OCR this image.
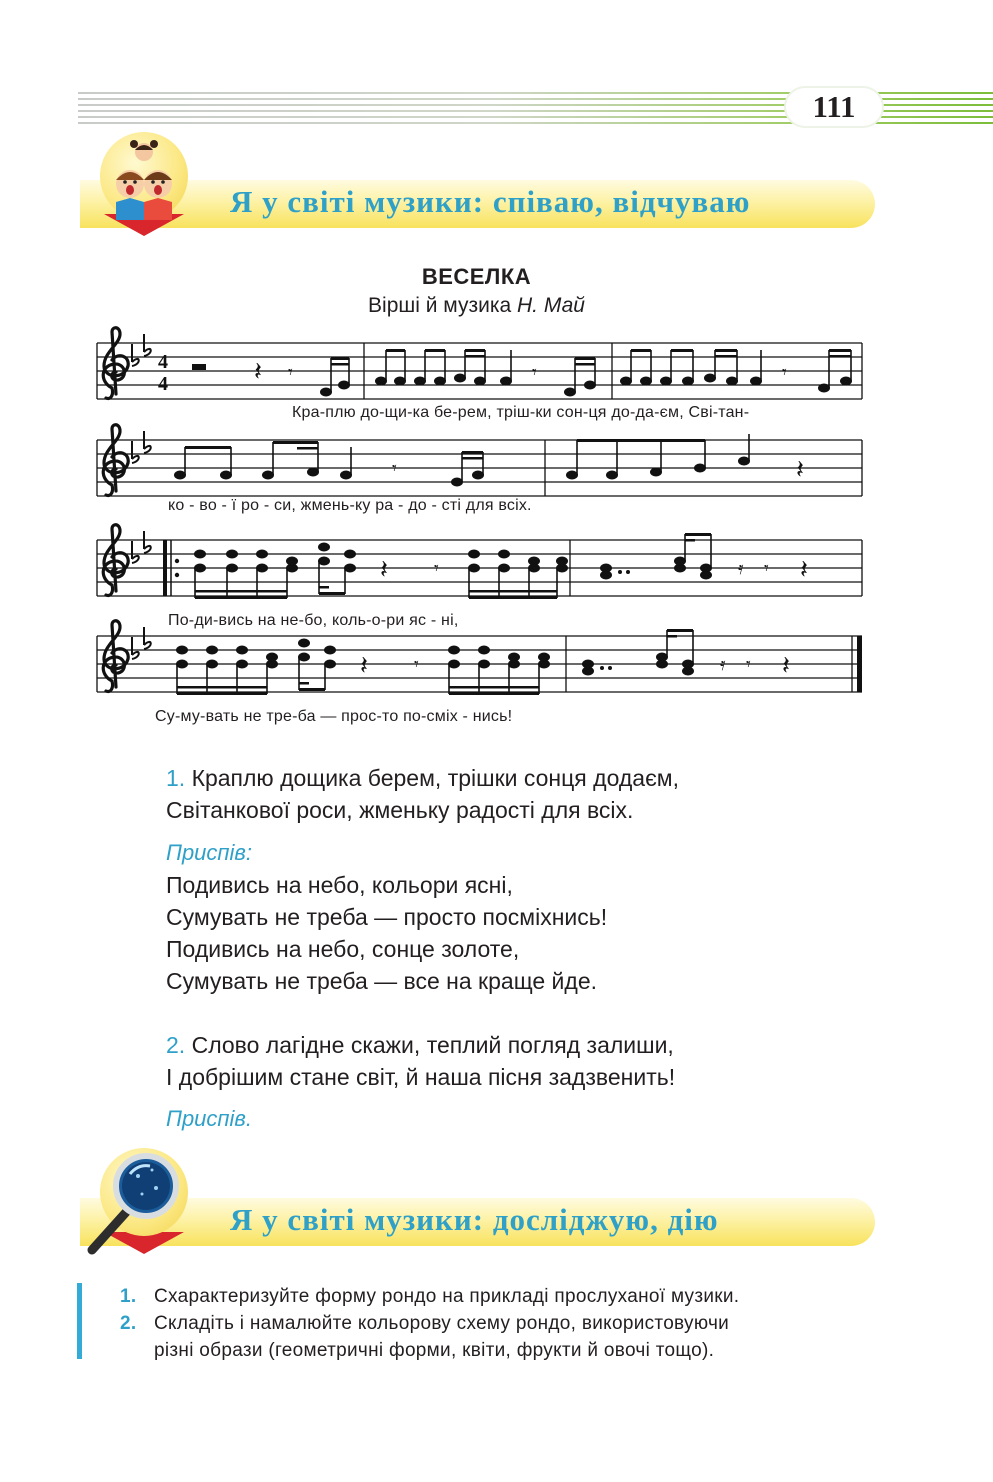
111
Я у світі музики: співаю, відчуваю
ВЕСЕЛКА
Вірші й музика Н. Май
4
4	𝄽 𝄾	𝄾	𝄾
𝄾	𝄽
𝄽	𝄾	𝄿 𝄾 𝄽
𝄽	𝄾	𝄿 𝄾 𝄽
Кра-плю до-щи-ка бе-рем, тріш-ки сон-ця до-да-єм, Сві-тан-
ко - во - ї ро - си, жмень-ку ра - до - сті для всіх.
По-ди-вись на не-бо, коль-о-ри яс - ні,
Су-му-вать не тре-ба — прос-то по-сміх - нись!
1. Краплю дощика берем, трішки сонця додаєм,
Світанкової роси, жменьку радості для всіх.
Приспів:
Подивись на небо, кольори ясні,
Сумувать не треба — просто посміхнись!
Подивись на небо, сонце золоте,
Сумувать не треба — все на краще йде.
2. Слово лагідне скажи, теплий погляд залиши,
І добрішим стане світ, й наша пісня задзвенить!
Приспів.
Я у світі музики: досліджую, дію
1. Схарактеризуйте форму рондо на прикладі прослуханої музики.
2. Складіть і намалюйте кольорову схему рондо, використовуючи
різні образи (геометричні форми, квіти, фрукти й овочі тощо).
